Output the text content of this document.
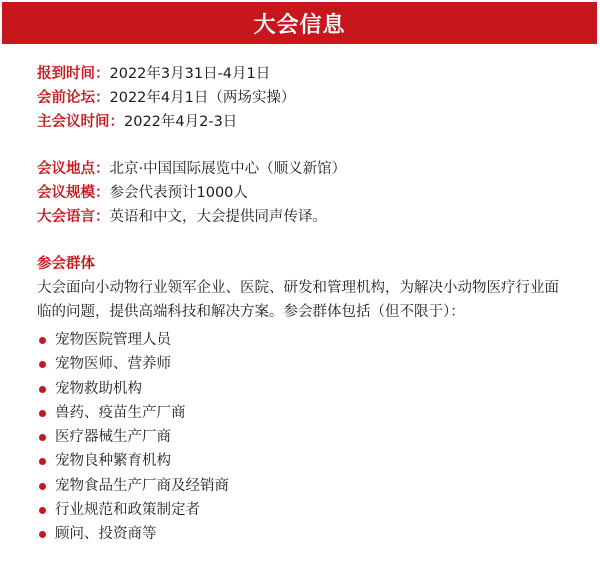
大会信息
报到时间：2022年3月31日-4月1日
会前论坛：2022年4月1日（两场实操）
主会议时间：2022年4月2-3日
会议地点：北京·中国国际展览中心（顺义新馆）
会议规模：参会代表预计1000人
大会语言：英语和中文，大会提供同声传译。
参会群体
大会面向小动物行业领军企业、医院、研发和管理机构，为解决小动物医疗行业面临的问题，提供高端科技和解决方案。参会群体包括（但不限于）：
宠物医院管理人员
宠物医师、营养师
宠物救助机构
兽药、疫苗生产厂商
医疗器械生产厂商
宠物良种繁育机构
宠物食品生产厂商及经销商
行业规范和政策制定者
顾问、投资商等
